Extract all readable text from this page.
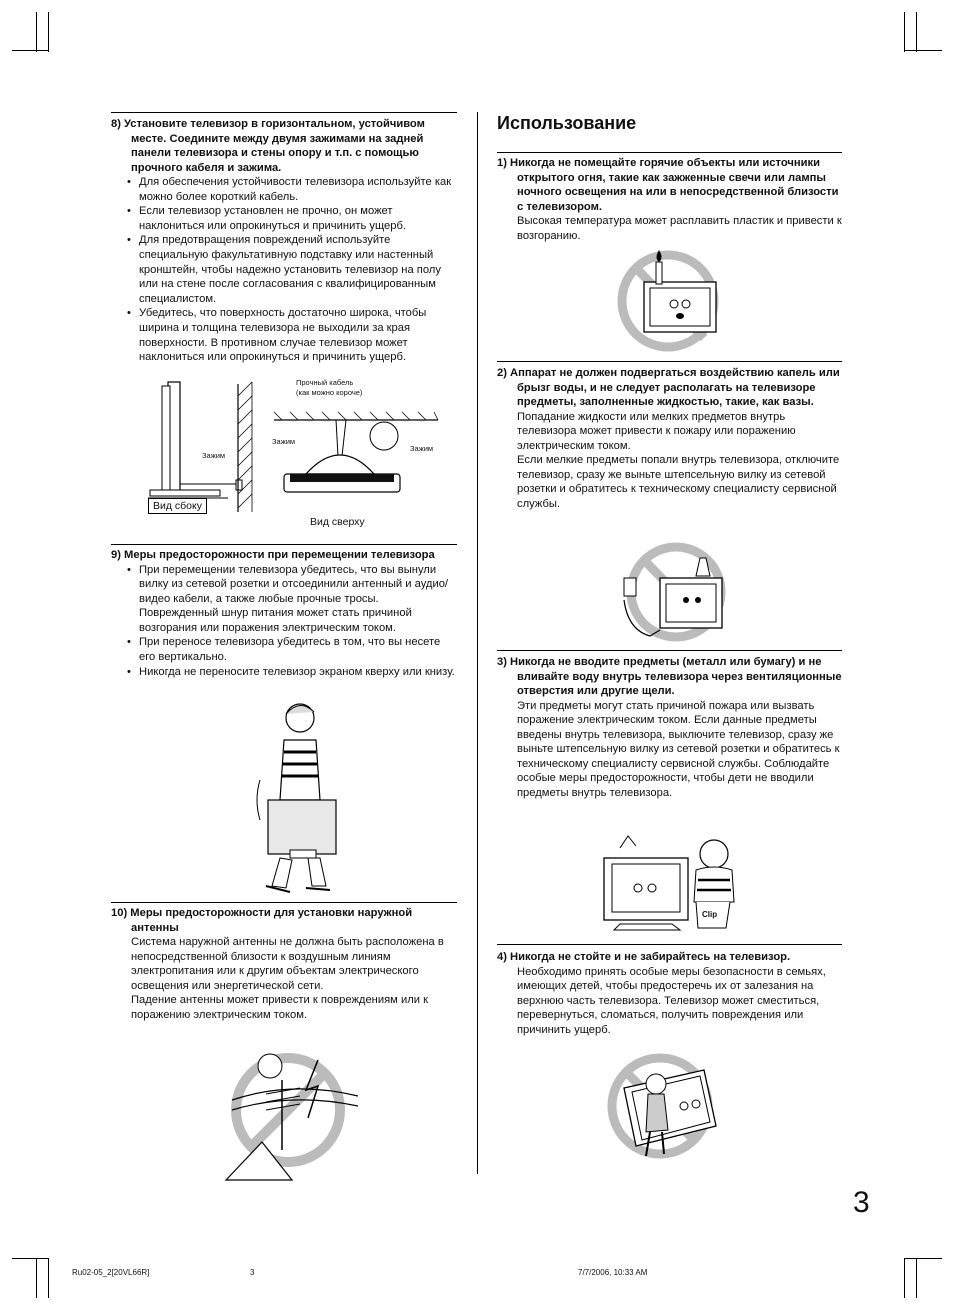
8) Установите телевизор в горизонтальном, устойчивом месте. Соедините между двумя зажимами на задней панели телевизора и стены опору и т.п. с помощью прочного кабеля и зажима.
• Для обеспечения устойчивости телевизора используйте как можно более короткий кабель.
• Если телевизор установлен не прочно, он может наклониться или опрокинуться и причинить ущерб.
• Для предотвращения повреждений используйте специальную факультативную подставку или настенный кронштейн, чтобы надежно установить телевизор на полу или на стене после согласования с квалифицированным специалистом.
• Убедитесь, что поверхность достаточно широка, чтобы ширина и толщина телевизора не выходили за края поверхности. В противном случае телевизор может наклониться или опрокинуться и причинить ущерб.
Зажим
Вид сбоку
Прочный кабель
(как можно короче)
Зажим
Зажим
Вид сверху
9) Меры предосторожности при перемещении телевизора
• При перемещении телевизора убедитесь, что вы вынули вилку из сетевой розетки и отсоединили антенный и аудио/видео кабели, а также любые прочные тросы. Поврежденный шнур питания может стать причиной возгорания или поражения электрическим током.
• При переносе телевизора убедитесь в том, что вы несете его вертикально.
• Никогда не переносите телевизор экраном кверху или книзу.
10) Меры предосторожности для установки наружной антенны
Система наружной антенны не должна быть расположена в непосредственной близости к воздушным линиям электропитания или к другим объектам электрического освещения или энергетической сети.
Падение антенны может привести к повреждениям или к поражению электрическим током.
Использование
1) Никогда не помещайте горячие объекты или источники открытого огня, такие как зажженные свечи или лампы ночного освещения на или в непосредственной близости с телевизором.
Высокая температура может расплавить пластик и привести к возгоранию.
2) Аппарат не должен подвергаться воздействию капель или брызг воды, и не следует располагать на телевизоре предметы, заполненные жидкостью, такие, как вазы.
Попадание жидкости или мелких предметов внутрь телевизора может привести к пожару или поражению электрическим током.
Если мелкие предметы попали внутрь телевизора, отключите телевизор, сразу же выньте штепсельную вилку из сетевой розетки и обратитесь к техническому специалисту сервисной службы.
3) Никогда не вводите предметы (металл или бумагу) и не вливайте воду внутрь телевизора через вентиляционные отверстия или другие щели.
Эти предметы могут стать причиной пожара или вызвать поражение электрическим током. Если данные предметы введены внутрь телевизора, выключите телевизор, сразу же выньте штепсельную вилку из сетевой розетки и обратитесь к техническому специалисту сервисной службы. Соблюдайте особые меры предосторожности, чтобы дети не вводили предметы внутрь телевизора.
Clip
4) Никогда не стойте и не забирайтесь на телевизор.
Необходимо принять особые меры безопасности в семьях, имеющих детей, чтобы предостеречь их от залезания на верхнюю часть телевизора. Телевизор может сместиться, перевернуться, сломаться, получить повреждения или причинить ущерб.
3
Ru02-05_2[20VL66R]	3	7/7/2006, 10:33 AM
